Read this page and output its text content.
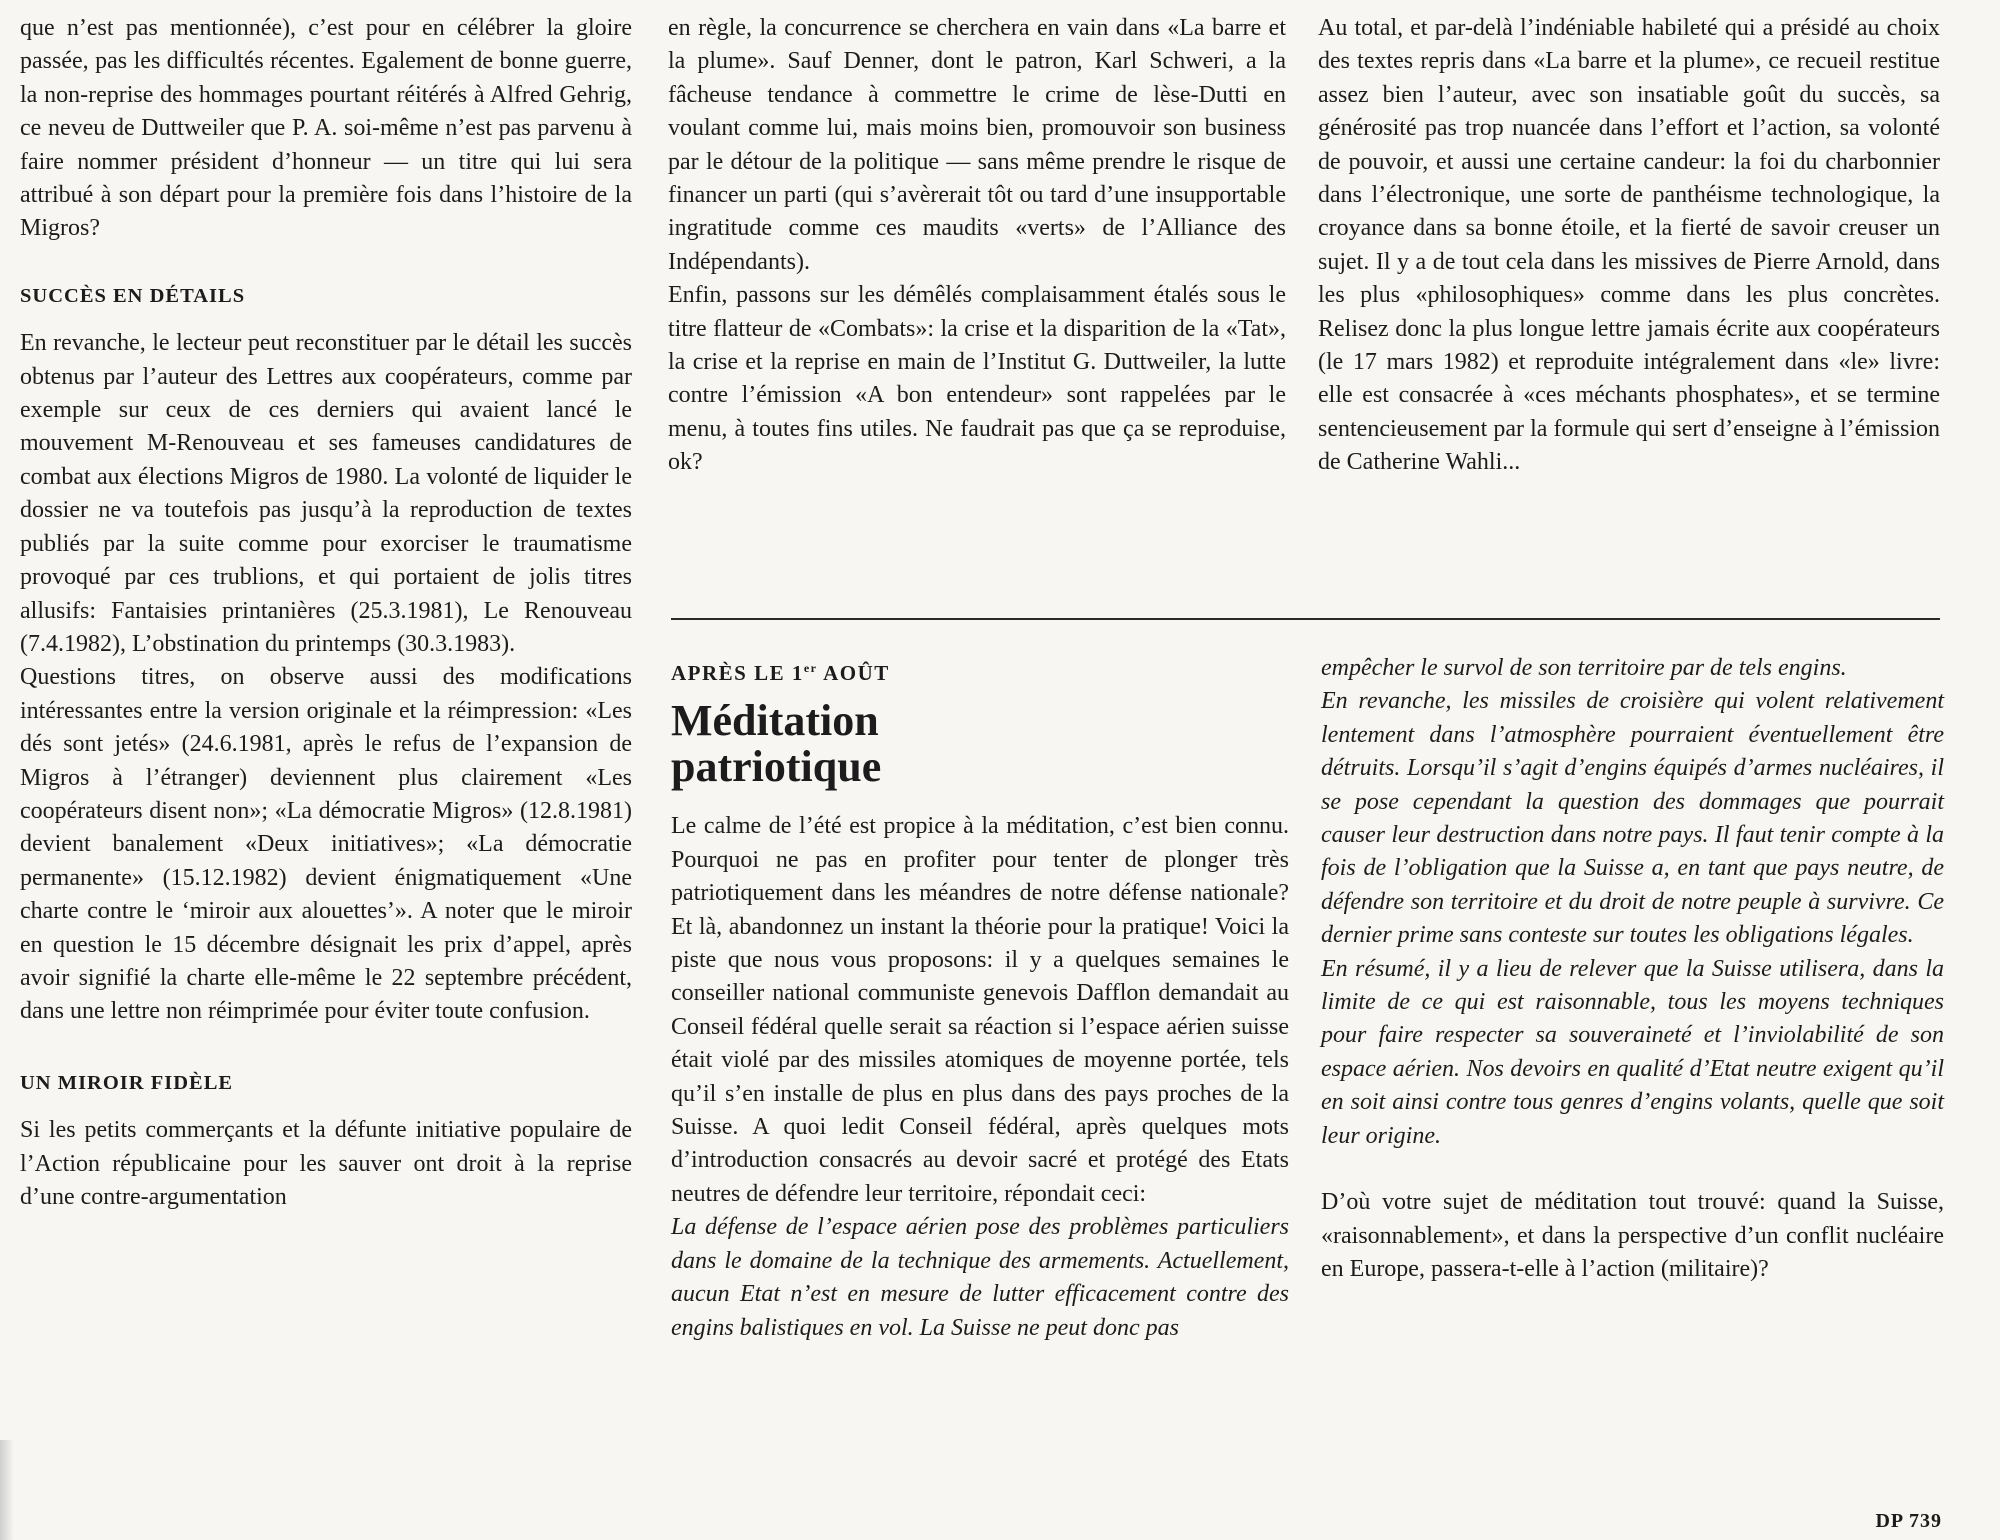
que n’est pas mentionnée), c’est pour en célébrer la gloire passée, pas les difficultés récentes. Egalement de bonne guerre, la non-reprise des hommages pourtant réitérés à Alfred Gehrig, ce neveu de Duttweiler que P. A. soi-même n’est pas parvenu à faire nommer président d’honneur — un titre qui lui sera attribué à son départ pour la première fois dans l’histoire de la Migros?

SUCCÈS EN DÉTAILS

En revanche, le lecteur peut reconstituer par le détail les succès obtenus par l’auteur des Lettres aux coopérateurs, comme par exemple sur ceux de ces derniers qui avaient lancé le mouvement M-Renouveau et ses fameuses candidatures de combat aux élections Migros de 1980. La volonté de liquider le dossier ne va toutefois pas jusqu’à la reproduction de textes publiés par la suite comme pour exorciser le traumatisme provoqué par ces trublions, et qui portaient de jolis titres allusifs: Fantaisies printanières (25.3.1981), Le Renouveau (7.4.1982), L’obstination du printemps (30.3.1983).

Questions titres, on observe aussi des modifications intéressantes entre la version originale et la réimpression: «Les dés sont jetés» (24.6.1981, après le refus de l’expansion de Migros à l’étranger) deviennent plus clairement «Les coopérateurs disent non»; «La démocratie Migros» (12.8.1981) devient banalement «Deux initiatives»; «La démocratie permanente» (15.12.1982) devient énigmatiquement «Une charte contre le ‘miroir aux alouettes’». A noter que le miroir en question le 15 décembre désignait les prix d’appel, après avoir signifié la charte elle-même le 22 septembre précédent, dans une lettre non réimprimée pour éviter toute confusion.

UN MIROIR FIDÈLE

Si les petits commerçants et la défunte initiative populaire de l’Action républicaine pour les sauver ont droit à la reprise d’une contre-argumentation

en règle, la concurrence se cherchera en vain dans «La barre et la plume». Sauf Denner, dont le patron, Karl Schweri, a la fâcheuse tendance à commettre le crime de lèse-Dutti en voulant comme lui, mais moins bien, promouvoir son business par le détour de la politique — sans même prendre le risque de financer un parti (qui s’avèrerait tôt ou tard d’une insupportable ingratitude comme ces maudits «verts» de l’Alliance des Indépendants).

Enfin, passons sur les démêlés complaisamment étalés sous le titre flatteur de «Combats»: la crise et la disparition de la «Tat», la crise et la reprise en main de l’Institut G. Duttweiler, la lutte contre l’émission «A bon entendeur» sont rappelées par le menu, à toutes fins utiles. Ne faudrait pas que ça se reproduise, ok?

Au total, et par-delà l’indéniable habileté qui a présidé au choix des textes repris dans «La barre et la plume», ce recueil restitue assez bien l’auteur, avec son insatiable goût du succès, sa générosité pas trop nuancée dans l’effort et l’action, sa volonté de pouvoir, et aussi une certaine candeur: la foi du charbonnier dans l’électronique, une sorte de panthéisme technologique, la croyance dans sa bonne étoile, et la fierté de savoir creuser un sujet. Il y a de tout cela dans les missives de Pierre Arnold, dans les plus «philosophiques» comme dans les plus concrètes. Relisez donc la plus longue lettre jamais écrite aux coopérateurs (le 17 mars 1982) et reproduite intégralement dans «le» livre: elle est consacrée à «ces méchants phosphates», et se termine sentencieusement par la formule qui sert d’enseigne à l’émission de Catherine Wahli...

APRÈS LE 1er AOÛT

Méditation
patriotique

Le calme de l’été est propice à la méditation, c’est bien connu. Pourquoi ne pas en profiter pour tenter de plonger très patriotiquement dans les méandres de notre défense nationale? Et là, abandonnez un instant la théorie pour la pratique! Voici la piste que nous vous proposons: il y a quelques semaines le conseiller national communiste genevois Dafflon demandait au Conseil fédéral quelle serait sa réaction si l’espace aérien suisse était violé par des missiles atomiques de moyenne portée, tels qu’il s’en installe de plus en plus dans des pays proches de la Suisse. A quoi ledit Conseil fédéral, après quelques mots d’introduction consacrés au devoir sacré et protégé des Etats neutres de défendre leur territoire, répondait ceci:

La défense de l’espace aérien pose des problèmes particuliers dans le domaine de la technique des armements. Actuellement, aucun Etat n’est en mesure de lutter efficacement contre des engins balistiques en vol. La Suisse ne peut donc pas

empêcher le survol de son territoire par de tels engins.

En revanche, les missiles de croisière qui volent relativement lentement dans l’atmosphère pourraient éventuellement être détruits. Lorsqu’il s’agit d’engins équipés d’armes nucléaires, il se pose cependant la question des dommages que pourrait causer leur destruction dans notre pays. Il faut tenir compte à la fois de l’obligation que la Suisse a, en tant que pays neutre, de défendre son territoire et du droit de notre peuple à survivre. Ce dernier prime sans conteste sur toutes les obligations légales.

En résumé, il y a lieu de relever que la Suisse utilisera, dans la limite de ce qui est raisonnable, tous les moyens techniques pour faire respecter sa souveraineté et l’inviolabilité de son espace aérien. Nos devoirs en qualité d’Etat neutre exigent qu’il en soit ainsi contre tous genres d’engins volants, quelle que soit leur origine.

D’où votre sujet de méditation tout trouvé: quand la Suisse, «raisonnablement», et dans la perspective d’un conflit nucléaire en Europe, passera-t-elle à l’action (militaire)?

DP 739
